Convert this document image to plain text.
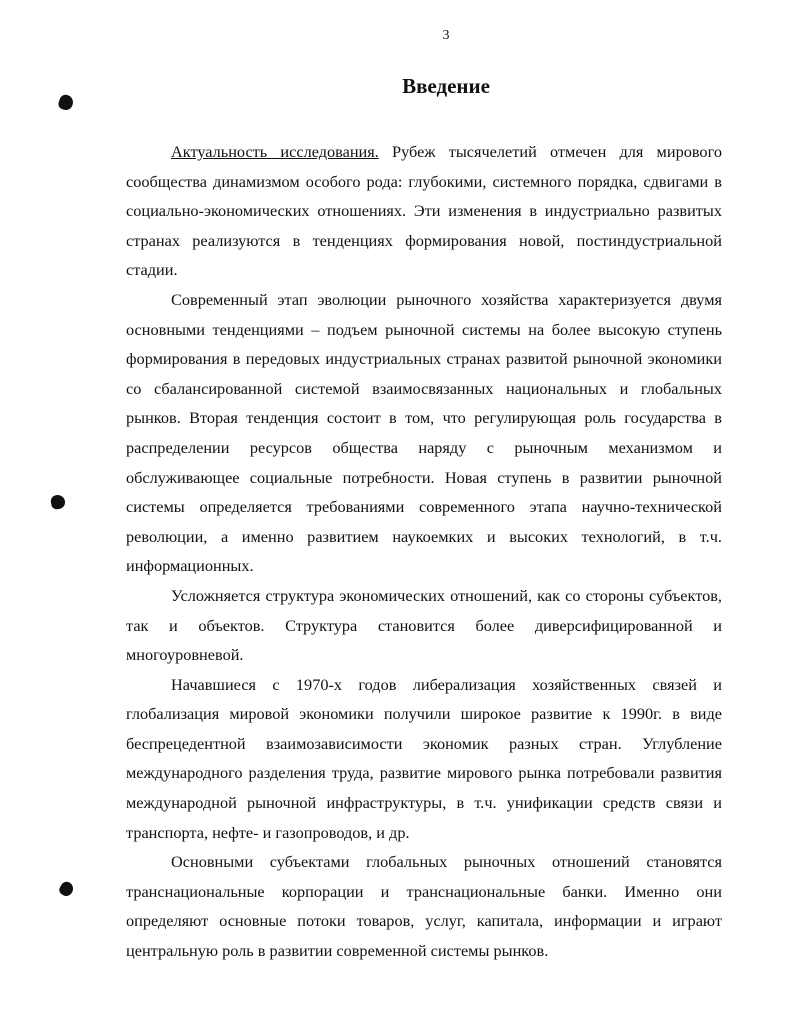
3
Введение

Актуальность исследования. Рубеж тысячелетий отмечен для мирового сообщества динамизмом особого рода: глубокими, системного порядка, сдвигами в социально-экономических отношениях. Эти изменения в индустриально развитых странах реализуются в тенденциях формирования новой, постиндустриальной стадии.

Современный этап эволюции рыночного хозяйства характеризуется двумя основными тенденциями – подъем рыночной системы на более высокую ступень формирования в передовых индустриальных странах развитой рыночной экономики со сбалансированной системой взаимосвязанных национальных и глобальных рынков. Вторая тенденция состоит в том, что регулирующая роль государства в распределении ресурсов общества наряду с рыночным механизмом и обслуживающее социальные потребности. Новая ступень в развитии рыночной системы определяется требованиями современного этапа научно-технической революции, а именно развитием наукоемких и высоких технологий, в т.ч. информационных.

Усложняется структура экономических отношений, как со стороны субъектов, так и объектов. Структура становится более диверсифицированной и многоуровневой.

Начавшиеся с 1970-х годов либерализация хозяйственных связей и глобализация мировой экономики получили широкое развитие к 1990г. в виде беспрецедентной взаимозависимости экономик разных стран. Углубление международного разделения труда, развитие мирового рынка потребовали развития международной рыночной инфраструктуры, в т.ч. унификации средств связи и транспорта, нефте- и газопроводов, и др.

Основными субъектами глобальных рыночных отношений становятся транснациональные корпорации и транснациональные банки. Именно они определяют основные потоки товаров, услуг, капитала, информации и играют центральную роль в развитии современной системы рынков.
